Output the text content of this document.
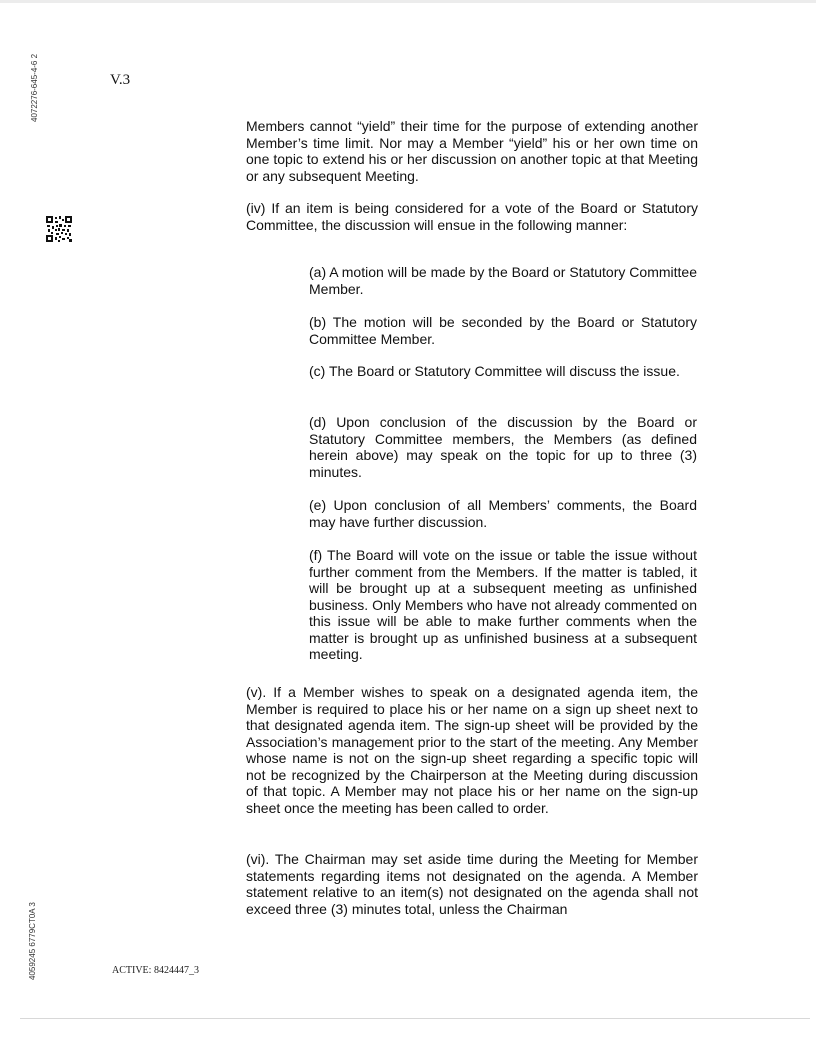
4072276-645-4-6 2	V.3
Members cannot “yield” their time for the purpose of extending another Member’s time limit. Nor may a Member “yield” his or her own time on one topic to extend his or her discussion on another topic at that Meeting or any subsequent Meeting.
(iv) If an item is being considered for a vote of the Board or Statutory Committee, the discussion will ensue in the following manner:
(a) A motion will be made by the Board or Statutory Committee Member.
(b) The motion will be seconded by the Board or Statutory Committee Member.
(c) The Board or Statutory Committee will discuss the issue.
(d) Upon conclusion of the discussion by the Board or Statutory Committee members, the Members (as defined herein above) may speak on the topic for up to three (3) minutes.
(e) Upon conclusion of all Members’ comments, the Board may have further discussion.
(f) The Board will vote on the issue or table the issue without further comment from the Members. If the matter is tabled, it will be brought up at a subsequent meeting as unfinished business. Only Members who have not already commented on this issue will be able to make further comments when the matter is brought up as unfinished business at a subsequent meeting.
(v). If a Member wishes to speak on a designated agenda item, the Member is required to place his or her name on a sign up sheet next to that designated agenda item. The sign-up sheet will be provided by the Association’s management prior to the start of the meeting. Any Member whose name is not on the sign-up sheet regarding a specific topic will not be recognized by the Chairperson at the Meeting during discussion of that topic. A Member may not place his or her name on the sign-up sheet once the meeting has been called to order.
(vi). The Chairman may set aside time during the Meeting for Member statements regarding items not designated on the agenda. A Member statement relative to an item(s) not designated on the agenda shall not exceed three (3) minutes total, unless the Chairman
4059245 6779CT0A 3	ACTIVE: 8424447_3
